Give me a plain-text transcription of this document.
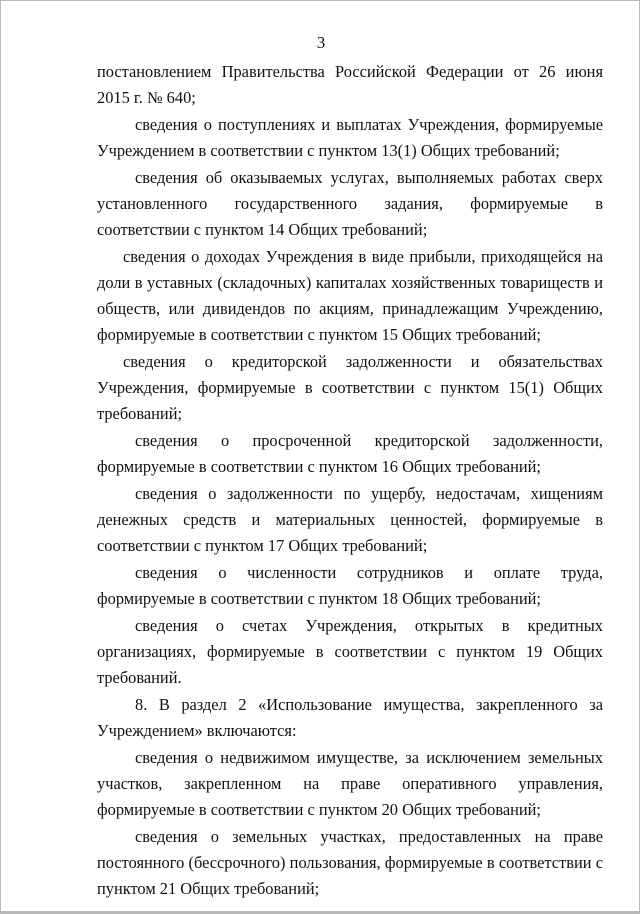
3

постановлением Правительства Российской Федерации от 26 июня 2015 г. № 640;

сведения о поступлениях и выплатах Учреждения, формируемые Учреждением в соответствии с пунктом 13(1) Общих требований;

сведения об оказываемых услугах, выполняемых работах сверх установленного государственного задания, формируемые в соответствии с пунктом 14 Общих требований;

сведения о доходах Учреждения в виде прибыли, приходящейся на доли в уставных (складочных) капиталах хозяйственных товариществ и обществ, или дивидендов по акциям, принадлежащим Учреждению, формируемые в соответствии с пунктом 15 Общих требований;

сведения о кредиторской задолженности и обязательствах Учреждения, формируемые в соответствии с пунктом 15(1) Общих требований;

сведения о просроченной кредиторской задолженности, формируемые в соответствии с пунктом 16 Общих требований;

сведения о задолженности по ущербу, недостачам, хищениям денежных средств и материальных ценностей, формируемые в соответствии с пунктом 17 Общих требований;

сведения о численности сотрудников и оплате труда, формируемые в соответствии с пунктом 18 Общих требований;

сведения о счетах Учреждения, открытых в кредитных организациях, формируемые в соответствии с пунктом 19 Общих требований.

8. В раздел 2 «Использование имущества, закрепленного за Учреждением» включаются:

сведения о недвижимом имуществе, за исключением земельных участков, закрепленном на праве оперативного управления, формируемые в соответствии с пунктом 20 Общих требований;

сведения о земельных участках, предоставленных на праве постоянного (бессрочного) пользования, формируемые в соответствии с пунктом 21 Общих требований;
